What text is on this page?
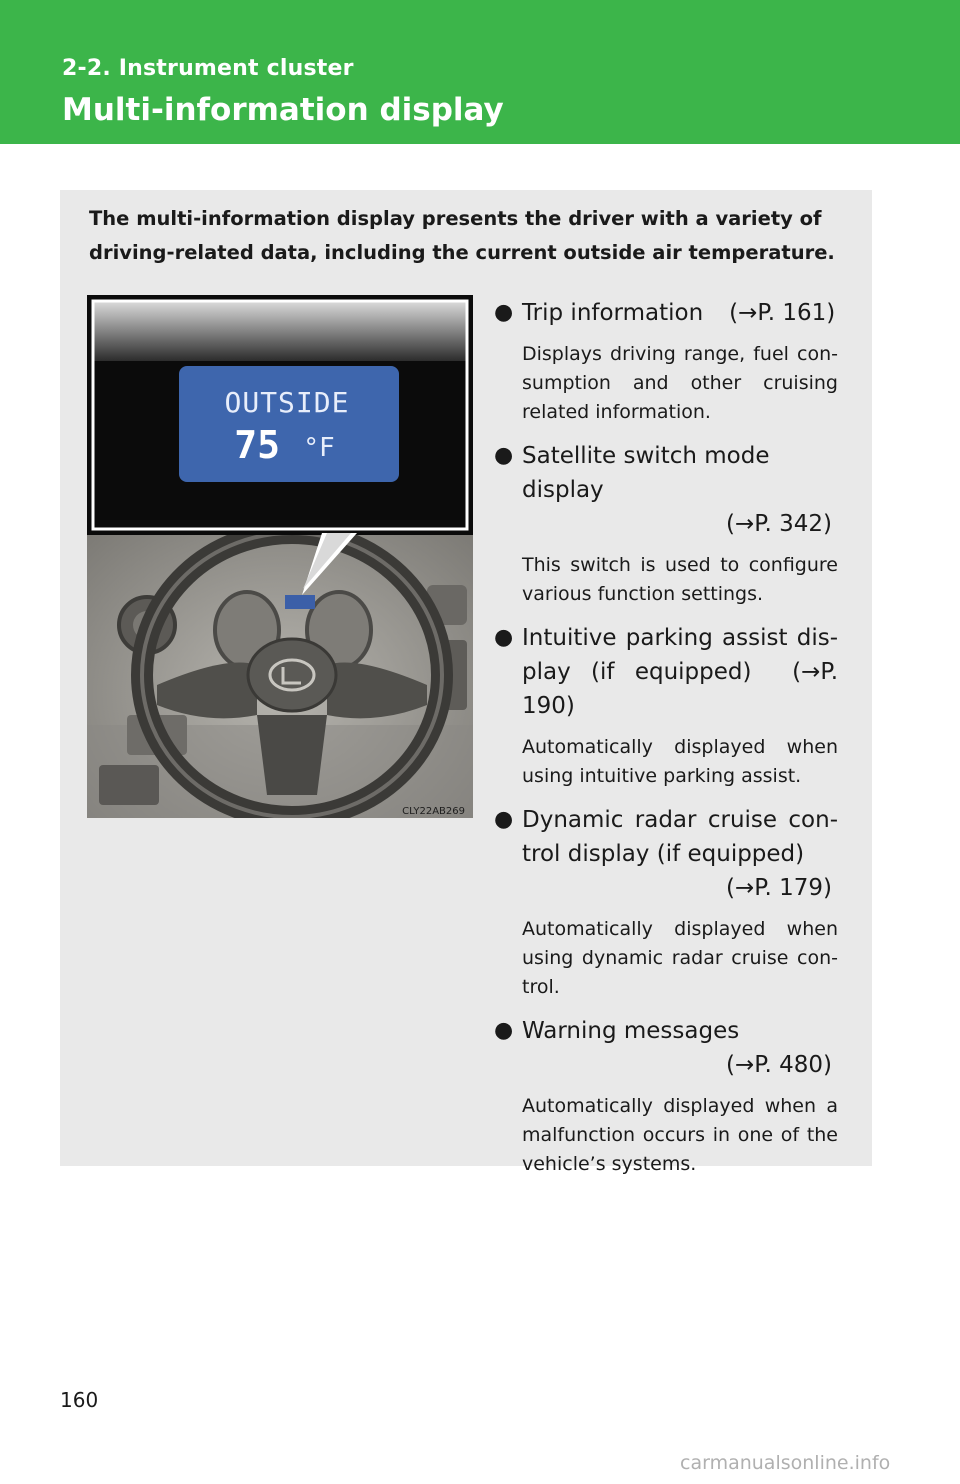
2-2. Instrument cluster
Multi-information display
The multi-information display presents the driver with a variety of driving-related data, including the current outside air temperature.
OUTSIDE
75 °F
CLY22AB269
● Trip information (→P. 161)
Displays driving range, fuel con-sumption and other cruising related information.
● Satellite switch mode display
(→P. 342)
This switch is used to configure various function settings.
● Intuitive parking assist dis-play (if equipped) (→P. 190)
Automatically displayed when using intuitive parking assist.
● Dynamic radar cruise con-trol display (if equipped)
(→P. 179)
Automatically displayed when using dynamic radar cruise con-trol.
● Warning messages
(→P. 480)
Automatically displayed when a malfunction occurs in one of the vehicle’s systems.
160
carmanualsonline.info
